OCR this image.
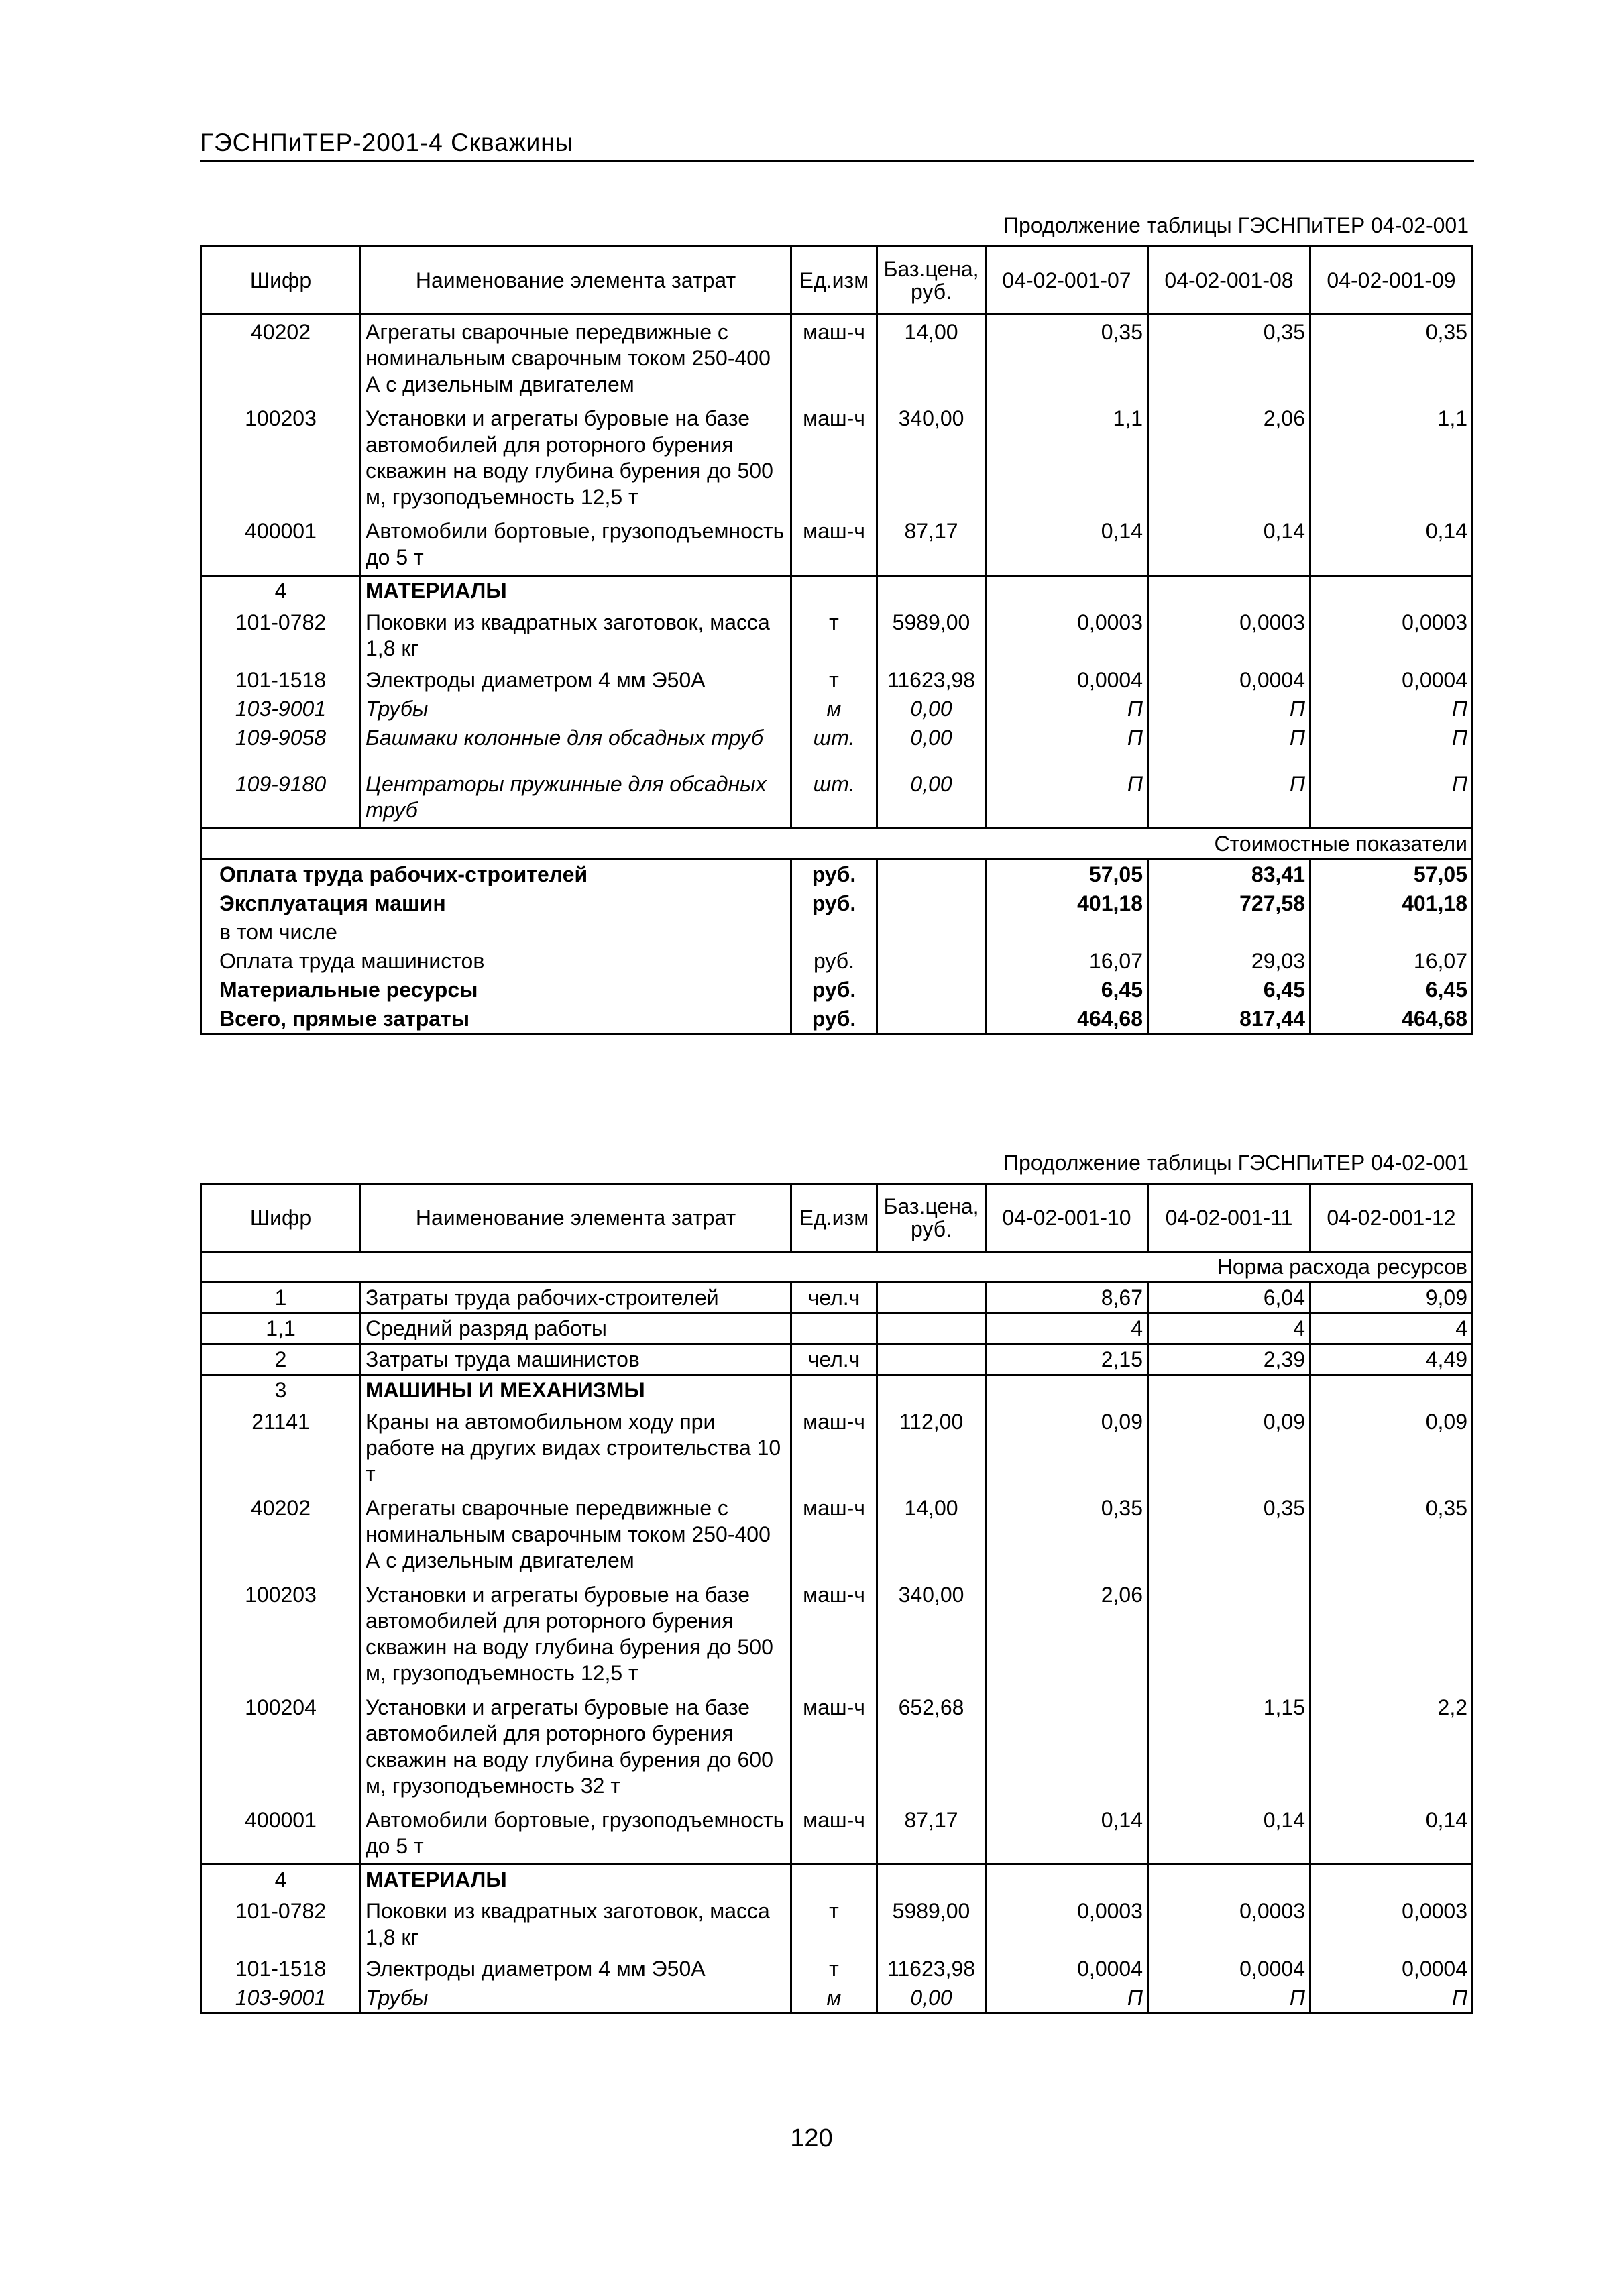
ГЭСНПиТЕР-2001-4 Скважины
Продолжение таблицы ГЭСНПиТЕР 04-02-001
Шифр	Наименование элемента затрат	Ед.изм	Баз.цена, руб.	04-02-001-07	04-02-001-08	04-02-001-09
40202	Агрегаты сварочные передвижные с номинальным сварочным током 250-400 А с дизельным двигателем	маш-ч	14,00	0,35	0,35	0,35
100203	Установки и агрегаты буровые на базе автомобилей для роторного бурения скважин на воду глубина бурения до 500 м, грузоподъемность 12,5 т	маш-ч	340,00	1,1	2,06	1,1
400001	Автомобили бортовые, грузоподъемность до 5 т	маш-ч	87,17	0,14	0,14	0,14
4	МАТЕРИАЛЫ					
101-0782	Поковки из квадратных заготовок, масса 1,8 кг	т	5989,00	0,0003	0,0003	0,0003
101-1518	Электроды диаметром 4 мм Э50А	т	11623,98	0,0004	0,0004	0,0004
103-9001	Трубы	м	0,00	П	П	П
109-9058	Башмаки колонные для обсадных труб	шт.	0,00	П	П	П
109-9180	Центраторы пружинные для обсадных труб	шт.	0,00	П	П	П
Стоимостные показатели						
Оплата труда рабочих-строителей		руб.		57,05	83,41	57,05
Эксплуатация машин		руб.		401,18	727,58	401,18
в том числе						
Оплата труда машинистов		руб.		16,07	29,03	16,07
Материальные ресурсы		руб.		6,45	6,45	6,45
Всего, прямые затраты		руб.		464,68	817,44	464,68
Продолжение таблицы ГЭСНПиТЕР 04-02-001
Шифр	Наименование элемента затрат	Ед.изм	Баз.цена, руб.	04-02-001-10	04-02-001-11	04-02-001-12
Норма расхода ресурсов						
1	Затраты труда рабочих-строителей	чел.ч		8,67	6,04	9,09
1,1	Средний разряд работы			4	4	4
2	Затраты труда машинистов	чел.ч		2,15	2,39	4,49
3	МАШИНЫ И МЕХАНИЗМЫ					
21141	Краны на автомобильном ходу при работе на других видах строительства 10 т	маш-ч	112,00	0,09	0,09	0,09
40202	Агрегаты сварочные передвижные с номинальным сварочным током 250-400 А с дизельным двигателем	маш-ч	14,00	0,35	0,35	0,35
100203	Установки и агрегаты буровые на базе автомобилей для роторного бурения скважин на воду глубина бурения до 500 м, грузоподъемность 12,5 т	маш-ч	340,00	2,06		
100204	Установки и агрегаты буровые на базе автомобилей для роторного бурения скважин на воду глубина бурения до 600 м, грузоподъемность 32 т	маш-ч	652,68		1,15	2,2
400001	Автомобили бортовые, грузоподъемность до 5 т	маш-ч	87,17	0,14	0,14	0,14
4	МАТЕРИАЛЫ					
101-0782	Поковки из квадратных заготовок, масса 1,8 кг	т	5989,00	0,0003	0,0003	0,0003
101-1518	Электроды диаметром 4 мм Э50А	т	11623,98	0,0004	0,0004	0,0004
103-9001	Трубы	м	0,00	П	П	П
120
